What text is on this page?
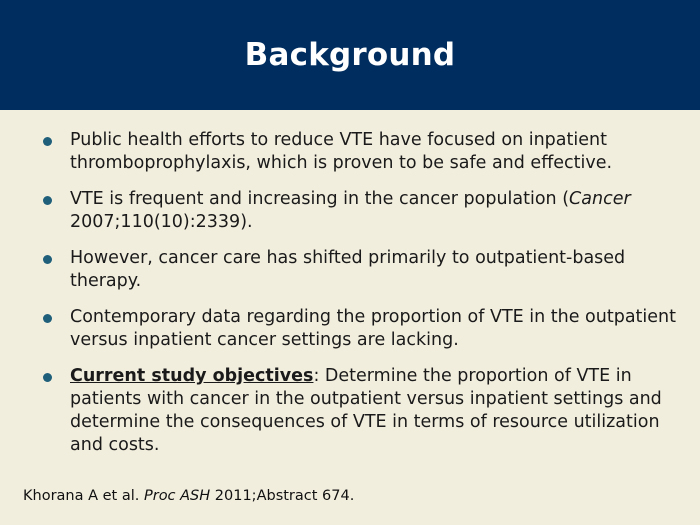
Background
Public health efforts to reduce VTE have focused on inpatient thromboprophylaxis, which is proven to be safe and effective.
VTE is frequent and increasing in the cancer population (Cancer 2007;110(10):2339).
However, cancer care has shifted primarily to outpatient-based therapy.
Contemporary data regarding the proportion of VTE in the outpatient versus inpatient cancer settings are lacking.
Current study objectives: Determine the proportion of VTE in patients with cancer in the outpatient versus inpatient settings and determine the consequences of VTE in terms of resource utilization and costs.
Khorana A et al. Proc ASH 2011;Abstract 674.
